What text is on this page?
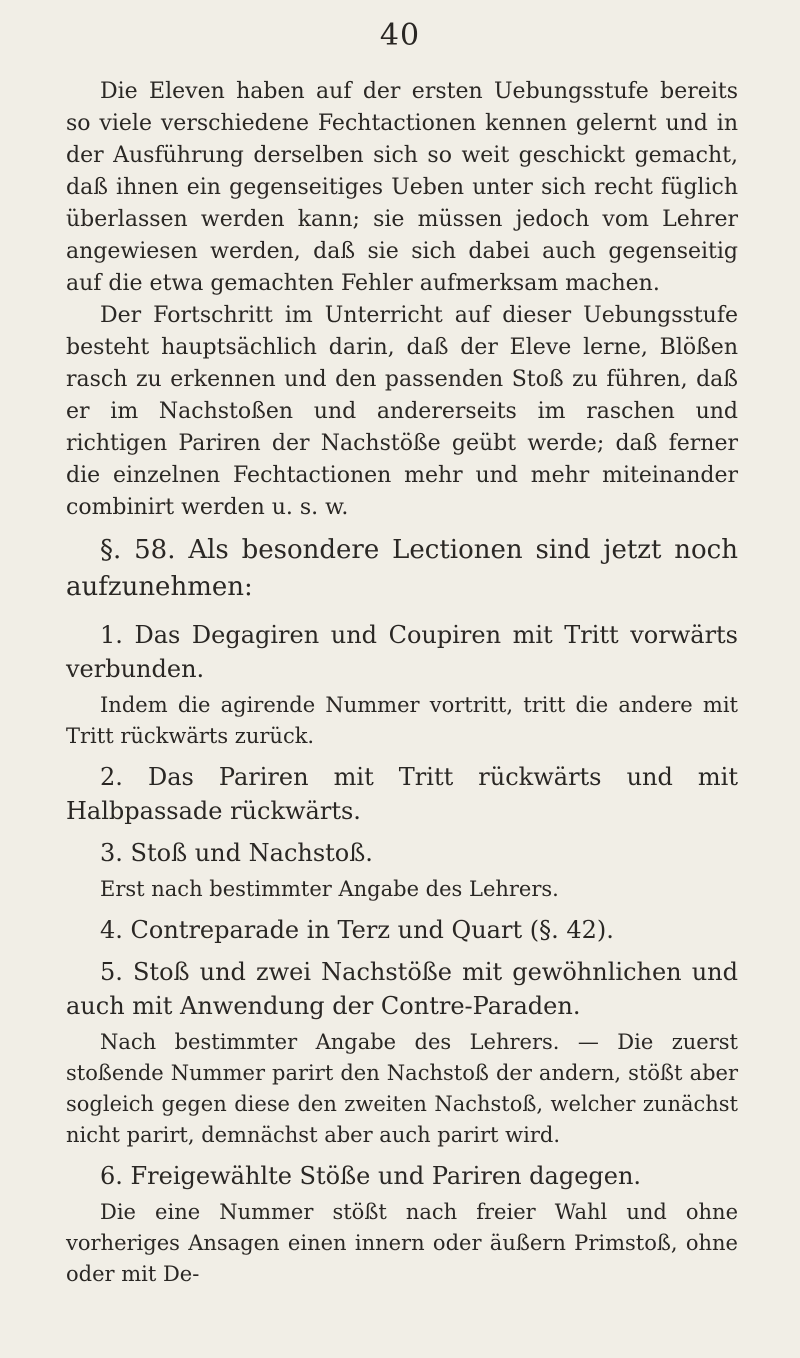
40

Die Eleven haben auf der ersten Uebungsstufe bereits so viele verschiedene Fechtactionen kennen gelernt und in der Ausführung derselben sich so weit geschickt gemacht, daß ihnen ein gegenseitiges Ueben unter sich recht füglich überlassen werden kann; sie müssen jedoch vom Lehrer angewiesen werden, daß sie sich dabei auch gegenseitig auf die etwa gemachten Fehler aufmerksam machen.

Der Fortschritt im Unterricht auf dieser Uebungsstufe besteht hauptsächlich darin, daß der Eleve lerne, Blößen rasch zu erkennen und den passenden Stoß zu führen, daß er im Nachstoßen und andererseits im raschen und richtigen Pariren der Nachstöße geübt werde; daß ferner die einzelnen Fechtactionen mehr und mehr miteinander combinirt werden u. s. w.

§. 58. Als besondere Lectionen sind jetzt noch aufzunehmen:

1. Das Degagiren und Coupiren mit Tritt vorwärts verbunden.

Indem die agirende Nummer vortritt, tritt die andere mit Tritt rückwärts zurück.

2. Das Pariren mit Tritt rückwärts und mit Halbpassade rückwärts.

3. Stoß und Nachstoß.

Erst nach bestimmter Angabe des Lehrers.

4. Contreparade in Terz und Quart (§. 42).

5. Stoß und zwei Nachstöße mit gewöhnlichen und auch mit Anwendung der Contre-Paraden.

Nach bestimmter Angabe des Lehrers. — Die zuerst stoßende Nummer parirt den Nachstoß der andern, stößt aber sogleich gegen diese den zweiten Nachstoß, welcher zunächst nicht parirt, demnächst aber auch parirt wird.

6. Freigewählte Stöße und Pariren dagegen.

Die eine Nummer stößt nach freier Wahl und ohne vorheriges Ansagen einen innern oder äußern Primstoß, ohne oder mit De-
